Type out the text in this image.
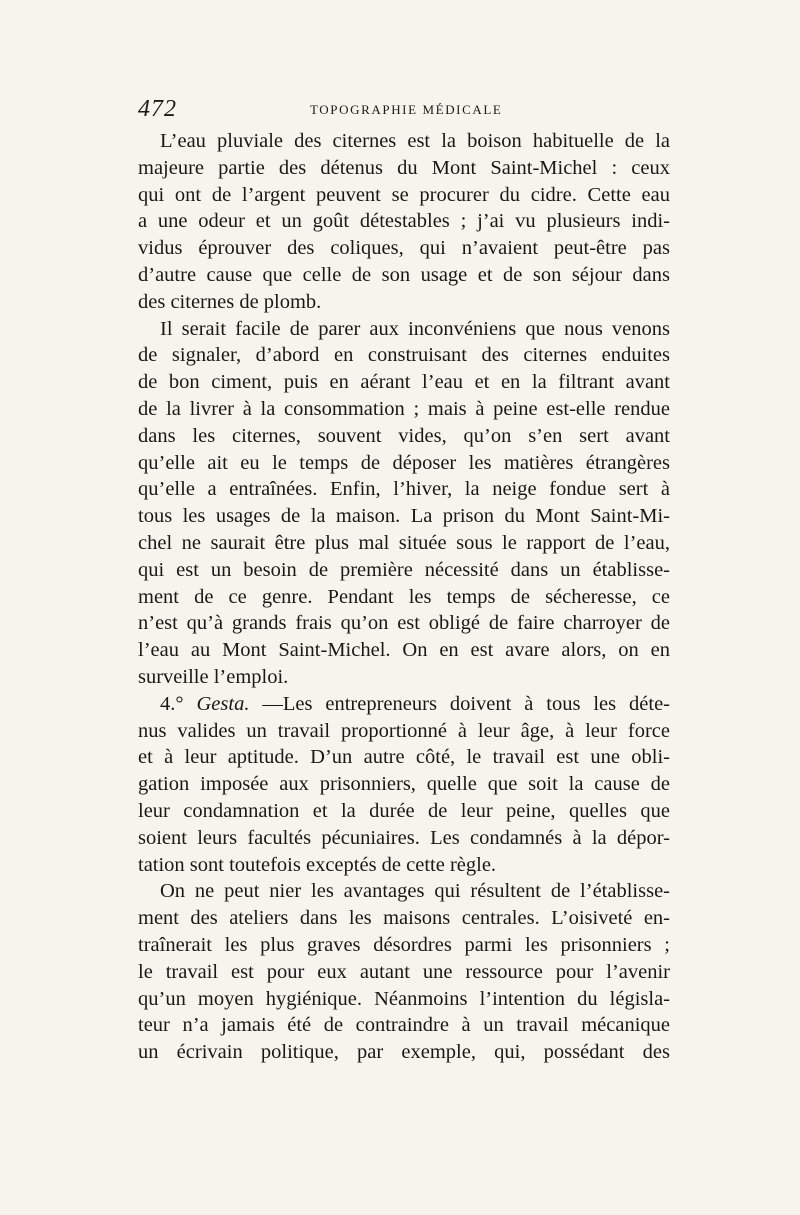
472	TOPOGRAPHIE MÉDICALE
L’eau pluviale des citernes est la boison habituelle de la
majeure partie des détenus du Mont Saint-Michel : ceux
qui ont de l’argent peuvent se procurer du cidre. Cette eau
a une odeur et un goût détestables ; j’ai vu plusieurs indi-
vidus éprouver des coliques, qui n’avaient peut-être pas
d’autre cause que celle de son usage et de son séjour dans
des citernes de plomb.
Il serait facile de parer aux inconvéniens que nous venons
de signaler, d’abord en construisant des citernes enduites
de bon ciment, puis en aérant l’eau et en la filtrant avant
de la livrer à la consommation ; mais à peine est-elle rendue
dans les citernes, souvent vides, qu’on s’en sert avant
qu’elle ait eu le temps de déposer les matières étrangères
qu’elle a entraînées. Enfin, l’hiver, la neige fondue sert à
tous les usages de la maison. La prison du Mont Saint-Mi-
chel ne saurait être plus mal située sous le rapport de l’eau,
qui est un besoin de première nécessité dans un établisse-
ment de ce genre. Pendant les temps de sécheresse, ce
n’est qu’à grands frais qu’on est obligé de faire charroyer de
l’eau au Mont Saint-Michel. On en est avare alors, on en
surveille l’emploi.
4.° Gesta. —Les entrepreneurs doivent à tous les déte-
nus valides un travail proportionné à leur âge, à leur force
et à leur aptitude. D’un autre côté, le travail est une obli-
gation imposée aux prisonniers, quelle que soit la cause de
leur condamnation et la durée de leur peine, quelles que
soient leurs facultés pécuniaires. Les condamnés à la dépor-
tation sont toutefois exceptés de cette règle.
On ne peut nier les avantages qui résultent de l’établisse-
ment des ateliers dans les maisons centrales. L’oisiveté en-
traînerait les plus graves désordres parmi les prisonniers ;
le travail est pour eux autant une ressource pour l’avenir
qu’un moyen hygiénique. Néanmoins l’intention du législa-
teur n’a jamais été de contraindre à un travail mécanique
un écrivain politique, par exemple, qui, possédant des
